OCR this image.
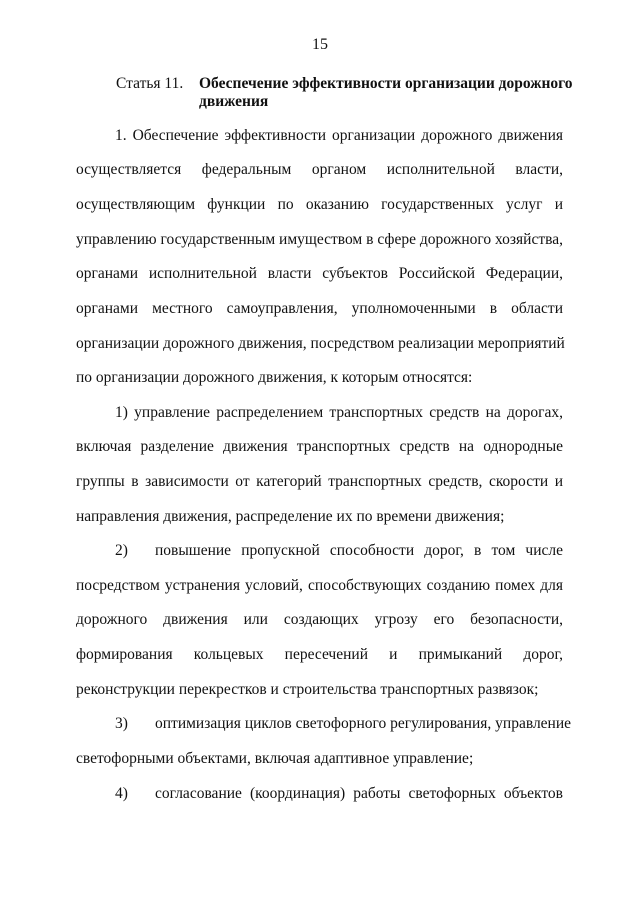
15
Статья 11. Обеспечение эффективности организации дорожного
движения
1. Обеспечение эффективности организации дорожного движения
осуществляется федеральным органом исполнительной власти,
осуществляющим функции по оказанию государственных услуг и
управлению государственным имуществом в сфере дорожного хозяйства,
органами исполнительной власти субъектов Российской Федерации,
органами местного самоуправления, уполномоченными в области
организации дорожного движения, посредством реализации мероприятий
по организации дорожного движения, к которым относятся:
1) управление распределением транспортных средств на дорогах,
включая разделение движения транспортных средств на однородные
группы в зависимости от категорий транспортных средств, скорости и
направления движения, распределение их по времени движения;
2) повышение пропускной способности дорог, в том числе
посредством устранения условий, способствующих созданию помех для
дорожного движения или создающих угрозу его безопасности,
формирования кольцевых пересечений и примыканий дорог,
реконструкции перекрестков и строительства транспортных развязок;
3) оптимизация циклов светофорного регулирования, управление
светофорными объектами, включая адаптивное управление;
4) согласование (координация) работы светофорных объектов
